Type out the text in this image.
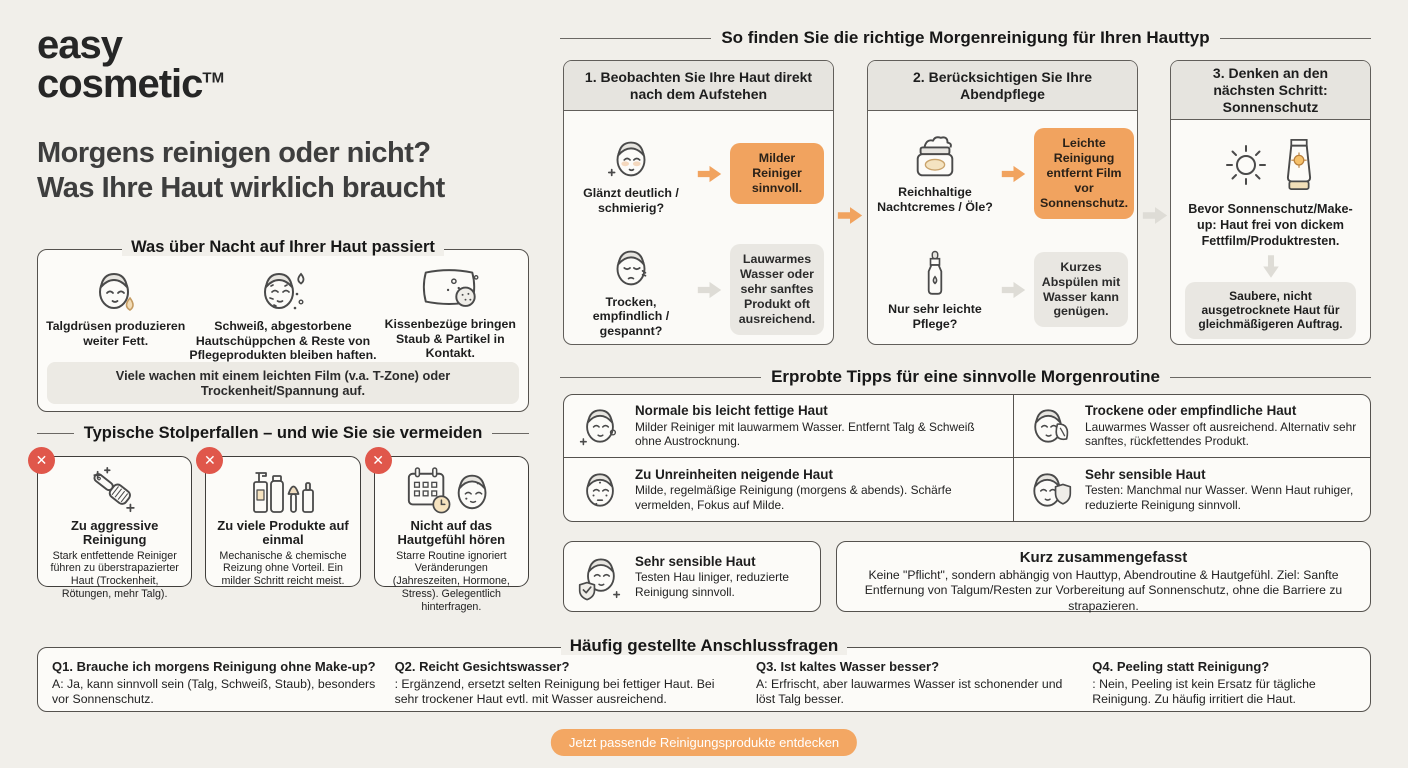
easy
cosmetic™
Morgens reinigen oder nicht?
Was Ihre Haut wirklich braucht
Was über Nacht auf Ihrer Haut passiert
Talgdrüsen produzieren weiter Fett.
Schweiß, abgestorbene Hautschüppchen & Reste von Pflegeprodukten bleiben haften.
Kissenbezüge bringen Staub & Partikel in Kontakt.
Viele wachen mit einem leichten Film (v.a. T-Zone) oder Trockenheit/Spannung auf.
Typische Stolperfallen – und wie Sie sie vermeiden
✕
Zu aggressive Reinigung
Stark entfettende Reiniger führen zu überstrapazierter Haut (Trockenheit, Rötungen, mehr Talg).
✕
Zu viele Produkte auf einmal
Mechanische & chemische Reizung ohne Vorteil. Ein milder Schritt reicht meist.
✕
Nicht auf das Hautgefühl hören
Starre Routine ignoriert Veränderungen (Jahreszeiten, Hormone, Stress). Gelegentlich hinterfragen.
So finden Sie die richtige Morgenreinigung für Ihren Hauttyp
1. Beobachten Sie Ihre Haut direkt nach dem Aufstehen
Glänzt deutlich / schmierig?
Milder Reiniger sinnvoll.
Trocken, empfindlich / gespannt?
Lauwarmes Wasser oder sehr sanftes Produkt oft ausreichend.
2. Berücksichtigen Sie Ihre Abendpflege
Reichhaltige Nachtcremes / Öle?
Leichte Reinigung entfernt Film vor Sonnenschutz.
Nur sehr leichte Pflege?
Kurzes Abspülen mit Wasser kann genügen.
3. Denken an den nächsten Schritt: Sonnenschutz
Bevor Sonnenschutz/Make-up: Haut frei von dickem Fettfilm/Produktresten.
Saubere, nicht ausgetrocknete Haut für gleichmäßigeren Auftrag.
Erprobte Tipps für eine sinnvolle Morgenroutine
Normale bis leicht fettige Haut
Milder Reiniger mit lauwarmem Wasser. Entfernt Talg & Schweiß ohne Austrocknung.
Trockene oder empfindliche Haut
Lauwarmes Wasser oft ausreichend. Alternativ sehr sanftes, rückfettendes Produkt.
Zu Unreinheiten neigende Haut
Milde, regelmäßige Reinigung (morgens & abends). Schärfe vermelden, Fokus auf Milde.
Sehr sensible Haut
Testen: Manchmal nur Wasser. Wenn Haut ruhiger, reduzierte Reinigung sinnvoll.
Sehr sensible Haut
Testen Hau liniger, reduzierte Reinigung sinnvoll.
Kurz zusammengefasst
Keine "Pflicht", sondern abhängig von Hauttyp, Abendroutine & Hautgefühl. Ziel: Sanfte Entfernung von Talgum/Resten zur Vorbereitung auf Sonnenschutz, ohne die Barriere zu strapazieren.
Häufig gestellte Anschlussfragen
Q1. Brauche ich morgens Reinigung ohne Make-up?
A: Ja, kann sinnvoll sein (Talg, Schweiß, Staub), besonders vor Sonnenschutz.
Q2. Reicht Gesichtswasser?
: Ergänzend, ersetzt selten Reinigung bei fettiger Haut. Bei sehr trockener Haut evtl. mit Wasser ausreichend.
Q3. Ist kaltes Wasser besser?
A: Erfrischt, aber lauwarmes Wasser ist schonender und löst Talg besser.
Q4. Peeling statt Reinigung?
: Nein, Peeling ist kein Ersatz für tägliche Reinigung. Zu häufig irritiert die Haut.
Jetzt passende Reinigungsprodukte entdecken
